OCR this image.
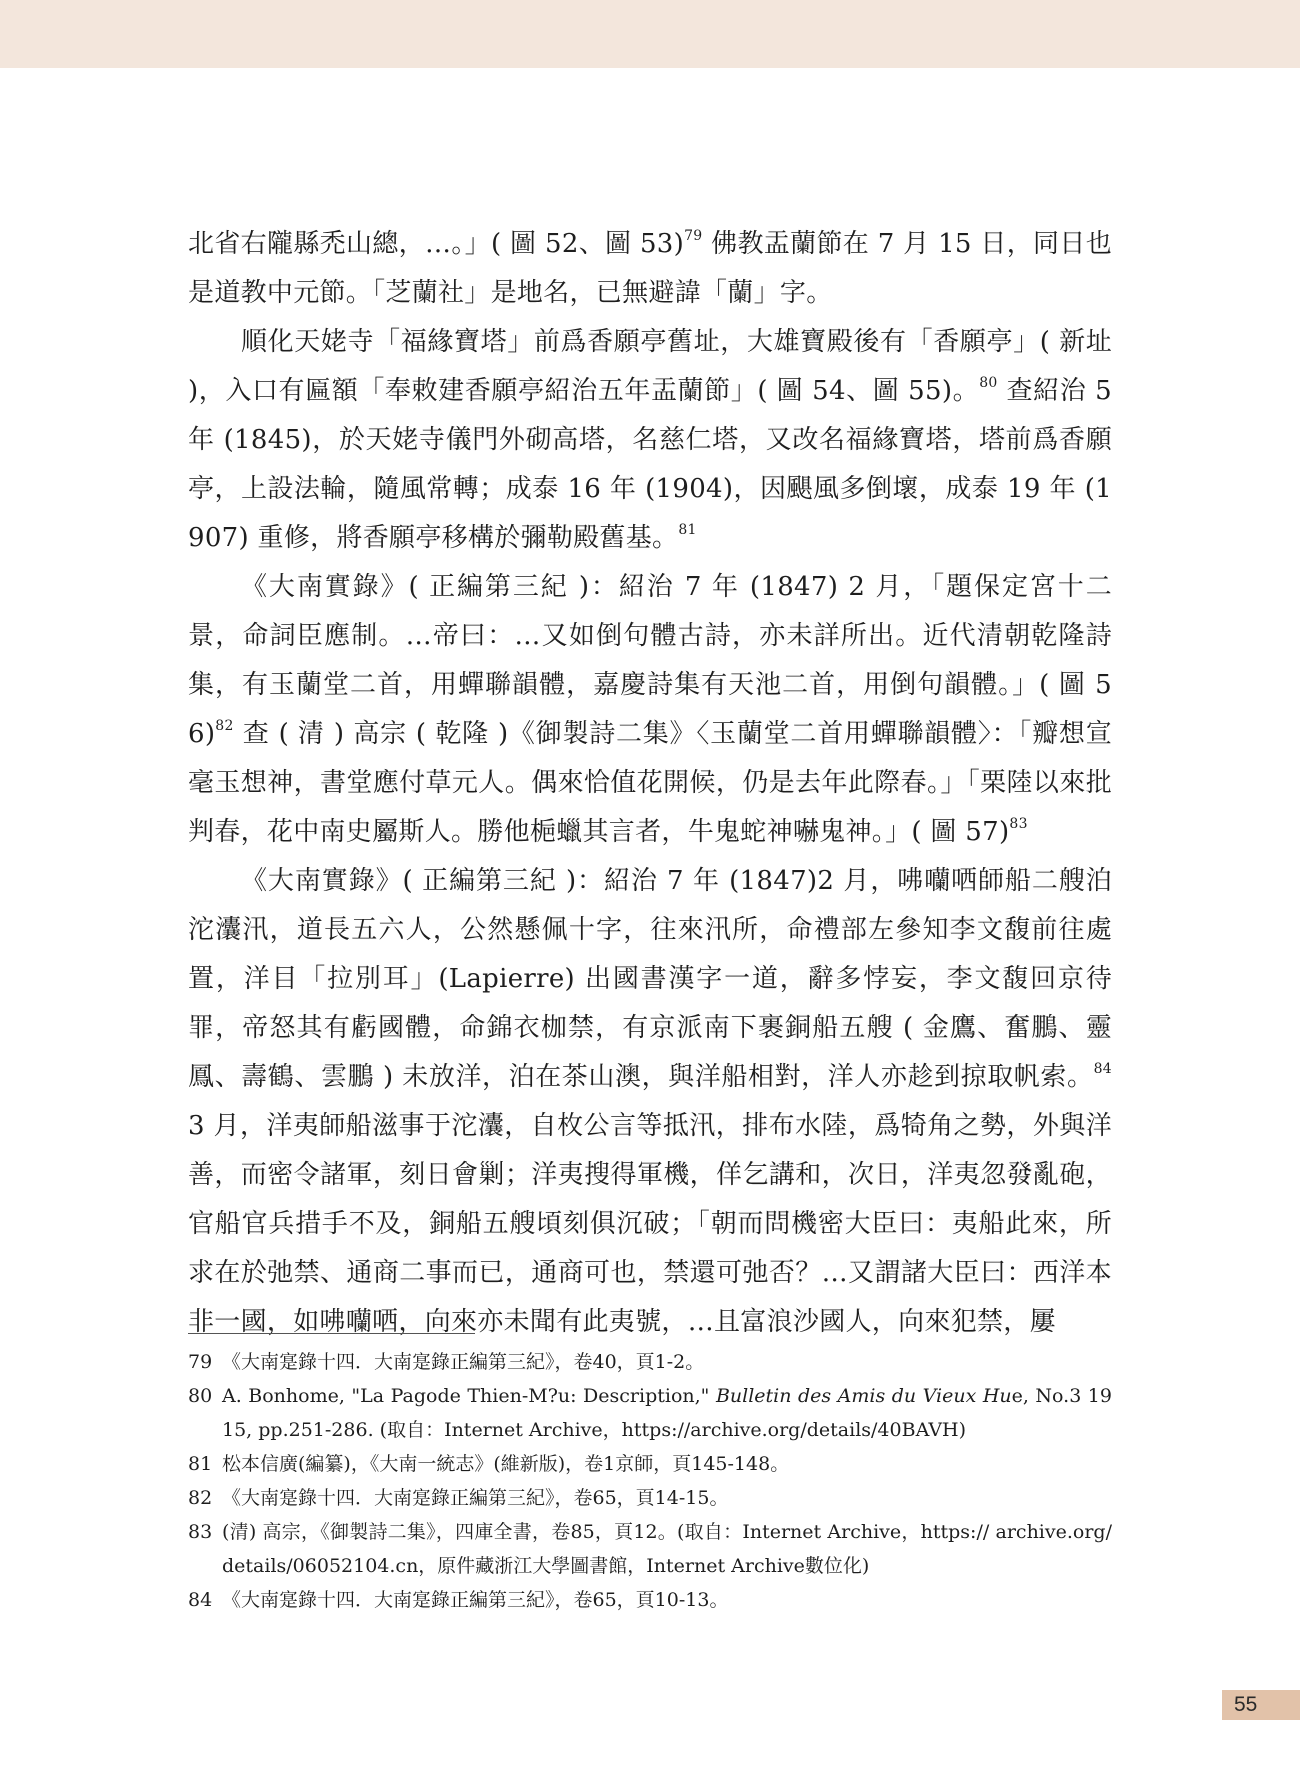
北省右隴縣禿山總，…。」( 圖 52、圖 53)$^{79}$ 佛教盂蘭節在 7 月 15 日，同日也是道教中元節。「芝蘭社」是地名，已無避諱「蘭」字。

順化天姥寺「福緣寶塔」前爲香願亭舊址，大雄寶殿後有「香願亭」( 新址 )，入口有匾額「奉敕建香願亭紹治五年盂蘭節」( 圖 54、圖 55)。$^{80}$ 查紹治 5 年 (1845)，於天姥寺儀門外砌高塔，名慈仁塔，又改名福緣寶塔，塔前爲香願亭，上設法輪，隨風常轉；成泰 16 年 (1904)，因颶風多倒壞，成泰 19 年 (1907) 重修，將香願亭移構於彌勒殿舊基。$^{81}$

《大南實錄》( 正編第三紀 )：紹治 7 年 (1847) 2 月，「題保定宮十二景，命詞臣應制。…帝曰：…又如倒句體古詩，亦未詳所出。近代清朝乾隆詩集，有玉蘭堂二首，用蟬聯韻體，嘉慶詩集有天池二首，用倒句韻體。」( 圖 56)$^{82}$ 查 ( 清 ) 高宗 ( 乾隆 )《御製詩二集》〈玉蘭堂二首用蟬聯韻體〉：「瓣想宣毫玉想神，書堂應付草元人。偶來恰值花開候，仍是去年此際春。」「栗陸以來批判春，花中南史屬斯人。勝他梔蠟其言者，牛鬼蛇神嚇鬼神。」( 圖 57)$^{83}$

《大南實錄》( 正編第三紀 )：紹治 7 年 (1847)2 月，咈囒哂師船二艘泊沱灢汛，道長五六人，公然懸佩十字，往來汛所，命禮部左參知李文馥前往處置，洋目「拉別耳」(Lapierre) 出國書漢字一道，辭多悖妄，李文馥回京待罪，帝怒其有虧國體，命錦衣枷禁，有京派南下裹銅船五艘 ( 金鷹、奮鵬、靈鳳、壽鶴、雲鵬 ) 未放洋，泊在茶山澳，與洋船相對，洋人亦趁到掠取帆索。$^{84}$ 3 月，洋夷師船滋事于沱灢，自枚公言等抵汛，排布水陸，爲犄角之勢，外與洋善，而密令諸軍，刻日會剿；洋夷搜得軍機，佯乞講和，次日，洋夷忽發亂砲，官船官兵措手不及，銅船五艘頃刻俱沉破；「朝而問機密大臣曰：夷船此來，所求在於弛禁、通商二事而已，通商可也，禁還可弛否？…又謂諸大臣曰：西洋本非一國，如咈囒哂，向來亦未聞有此夷號，…且富浪沙國人，向來犯禁，屢

79 《大南寔錄十四．大南寔錄正編第三紀》，卷40，頁1-2。
80 A. Bonhome, "La Pagode Thien-M?u: Description," Bulletin des Amis du Vieux Hue, No.3 1915, pp.251-286. (取自：Internet Archive，https://archive.org/details/40BAVH)
81 松本信廣(編纂)，《大南一統志》(維新版)，卷1京師，頁145-148。
82 《大南寔錄十四．大南寔錄正編第三紀》，卷65，頁14-15。
83 (清) 高宗，《御製詩二集》，四庫全書，卷85，頁12。(取自：Internet Archive，https:// archive.org/ details/06052104.cn，原件藏浙江大學圖書館，Internet Archive數位化)
84 《大南寔錄十四．大南寔錄正編第三紀》，卷65，頁10-13。
55
